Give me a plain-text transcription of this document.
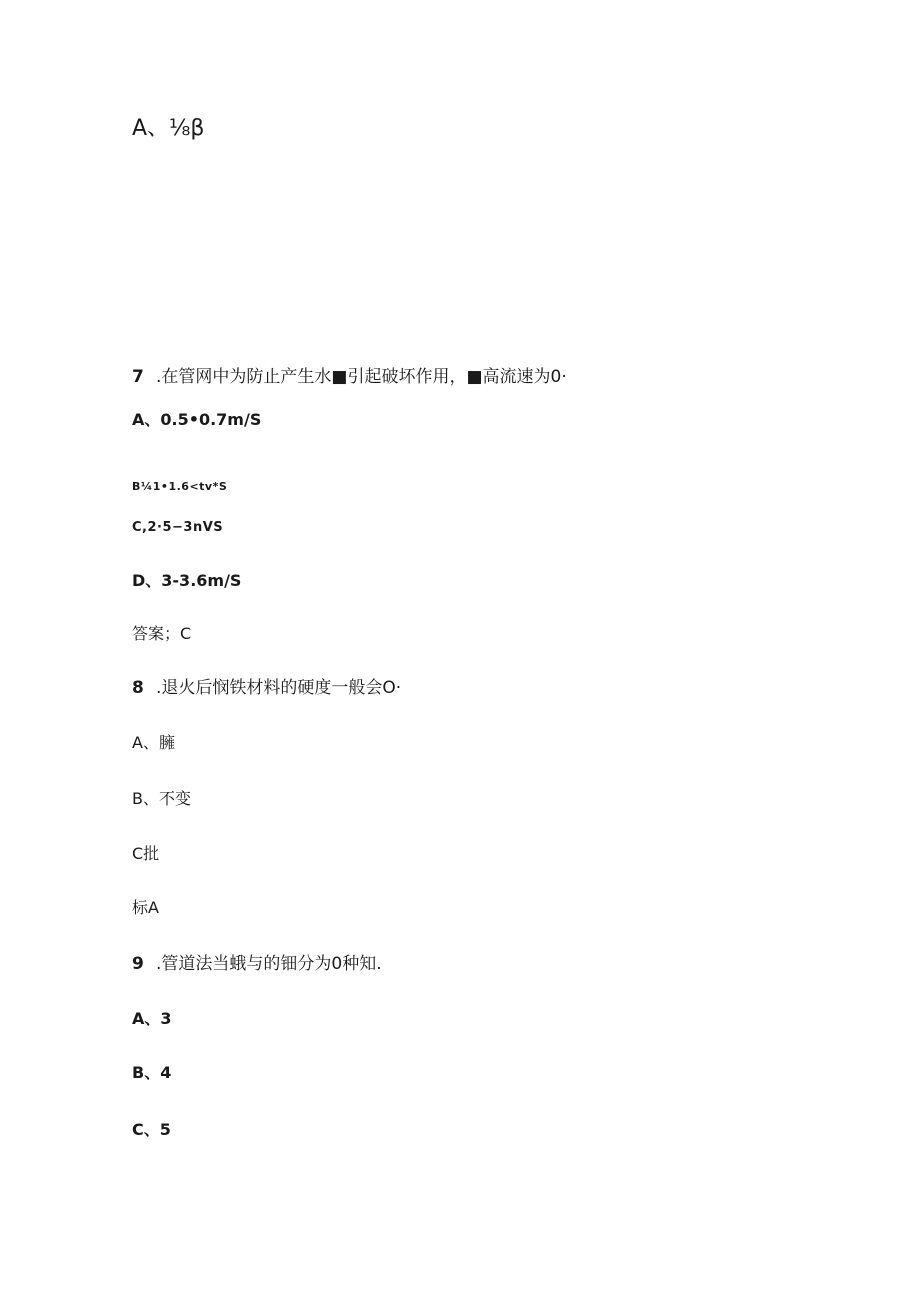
A、⅛β
7 .在管网中为防止产生水■引起破坏作用，■高流速为0·
A、0.5•0.7m/S
B¼1•1.6<tv*S
C,2·5−3nVS
D、3-3.6m/S
答案；C
8 .退火后悯铁材料的硬度一般会O·
A、臃
B、不变
C批
标A
9 .管道法当蛾与的钿分为0种知.
A、3
B、4
C、5
